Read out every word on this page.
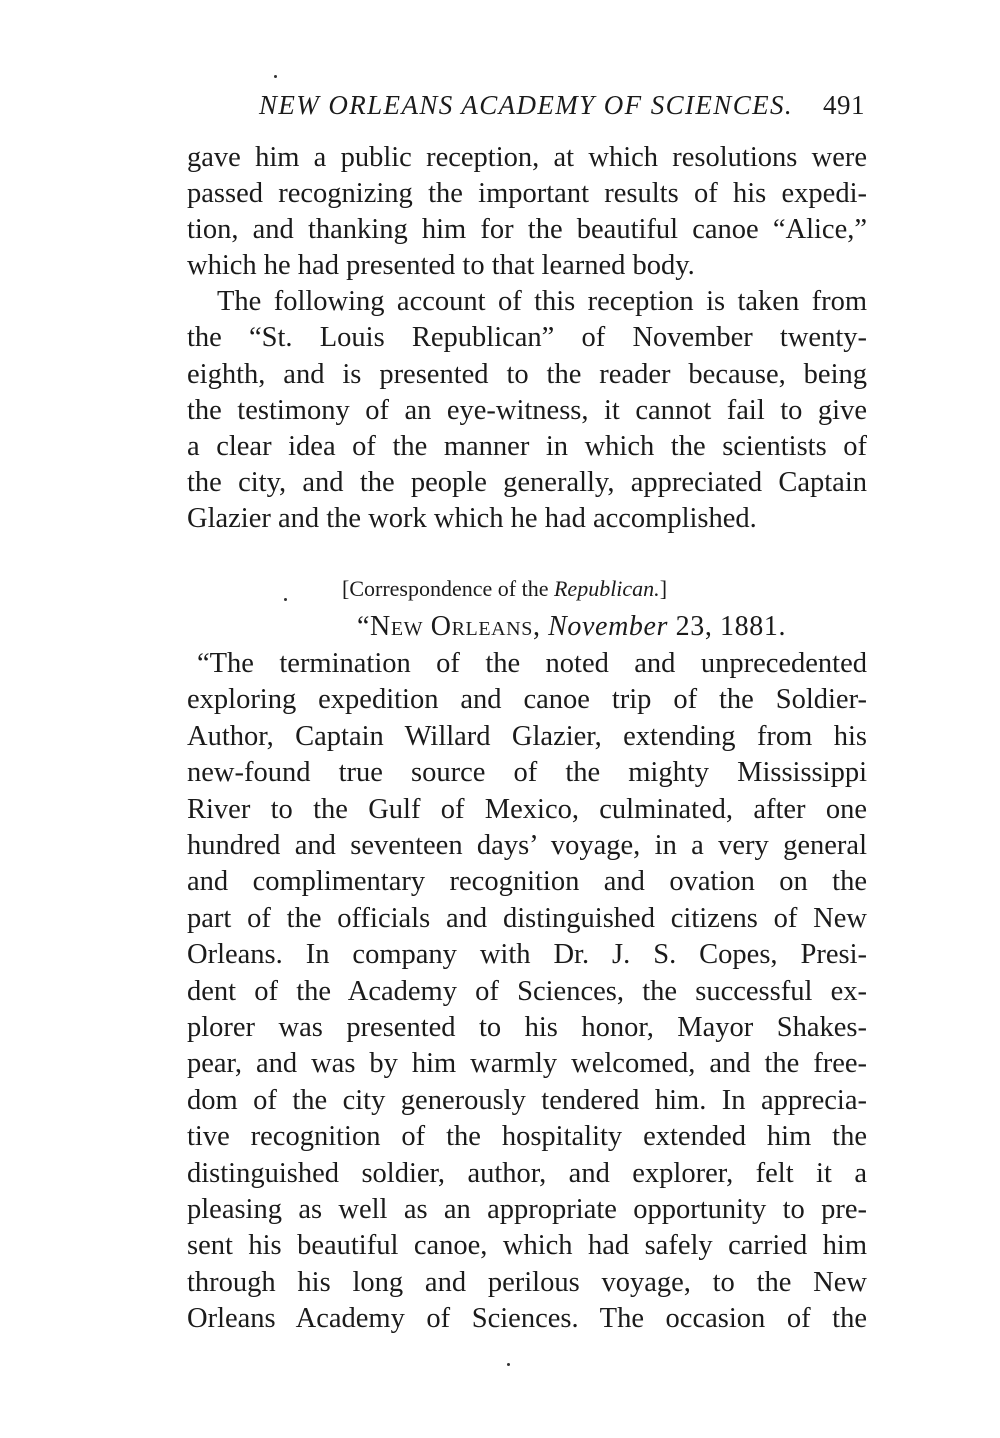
NEW ORLEANS ACADEMY OF SCIENCES. 491
gave him a public reception, at which resolutions were
passed recognizing the important results of his expedi-
tion, and thanking him for the beautiful canoe “Alice,”
which he had presented to that learned body.
The following account of this reception is taken from
the “St. Louis Republican” of November twenty-
eighth, and is presented to the reader because, being
the testimony of an eye-witness, it cannot fail to give
a clear idea of the manner in which the scientists of
the city, and the people generally, appreciated Captain
Glazier and the work which he had accomplished.
[Correspondence of the Republican.]
“New Orleans, November 23, 1881.
“The termination of the noted and unprecedented
exploring expedition and canoe trip of the Soldier-
Author, Captain Willard Glazier, extending from his
new-found true source of the mighty Mississippi
River to the Gulf of Mexico, culminated, after one
hundred and seventeen days’ voyage, in a very general
and complimentary recognition and ovation on the
part of the officials and distinguished citizens of New
Orleans. In company with Dr. J. S. Copes, Presi-
dent of the Academy of Sciences, the successful ex-
plorer was presented to his honor, Mayor Shakes-
pear, and was by him warmly welcomed, and the free-
dom of the city generously tendered him. In apprecia-
tive recognition of the hospitality extended him the
distinguished soldier, author, and explorer, felt it a
pleasing as well as an appropriate opportunity to pre-
sent his beautiful canoe, which had safely carried him
through his long and perilous voyage, to the New
Orleans Academy of Sciences. The occasion of the
